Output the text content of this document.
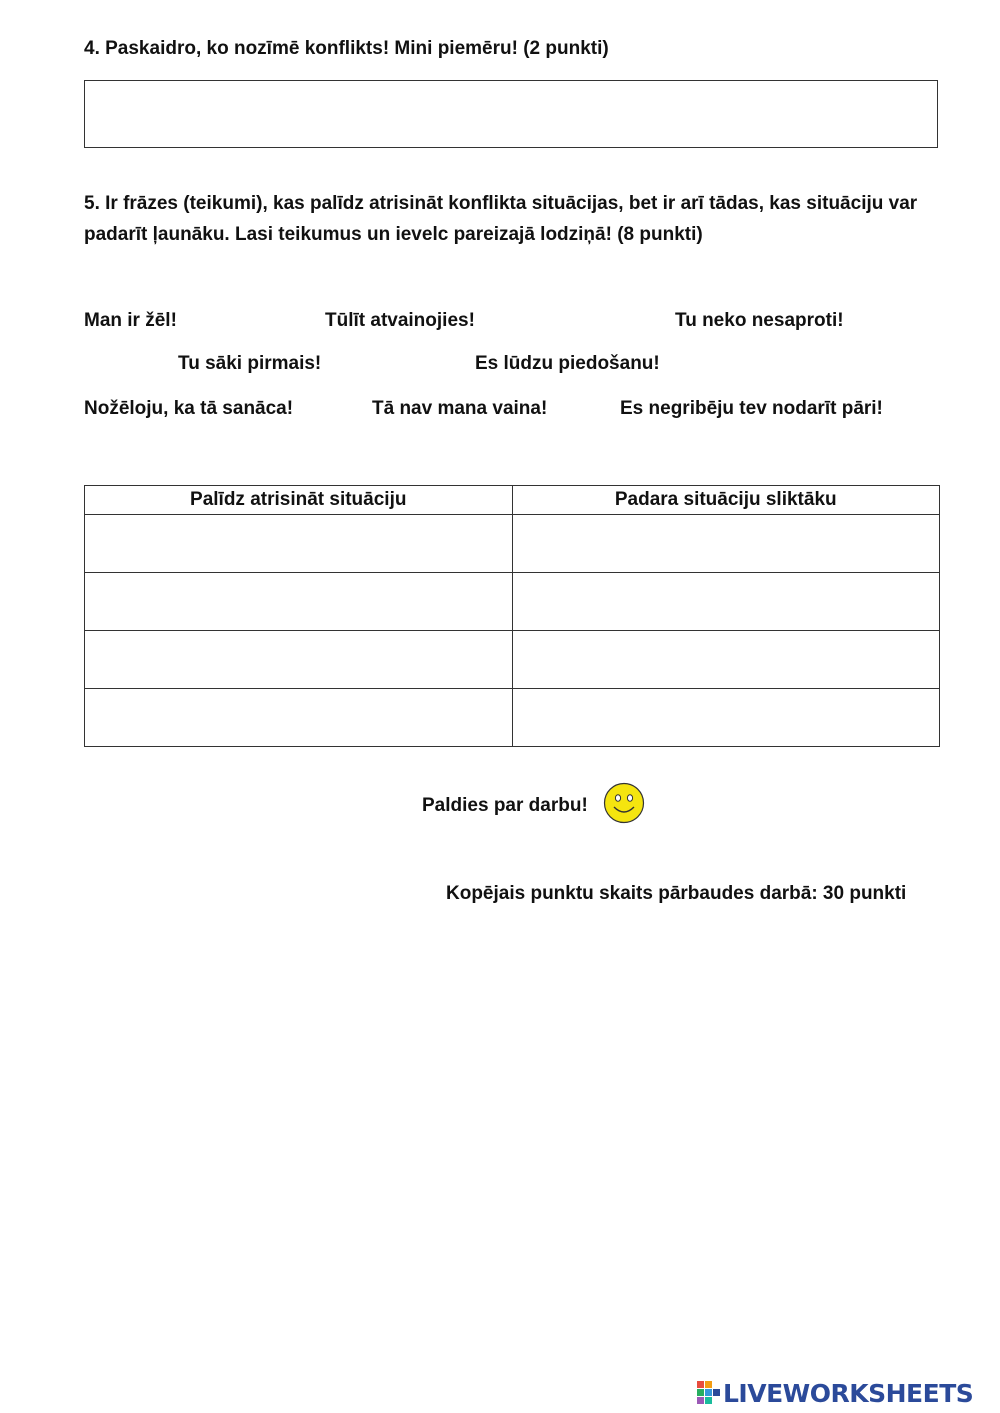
4. Paskaidro, ko nozīmē konflikts! Mini piemēru! (2 punkti)
5. Ir frāzes (teikumi), kas palīdz atrisināt konflikta situācijas, bet ir arī tādas, kas situāciju var padarīt ļaunāku. Lasi teikumus un ievelc pareizajā lodziņā! (8 punkti)
Man ir žēl!	Tūlīt atvainojies!	Tu neko nesaproti!
Tu sāki pirmais!	Es lūdzu piedošanu!
Nožēloju, ka tā sanāca!	Tā nav mana vaina!	Es negribēju tev nodarīt pāri!
Palīdz atrisināt situāciju	Padara situāciju sliktāku

Paldies par darbu!
Kopējais punktu skaits pārbaudes darbā: 30 punkti
LIVEWORKSHEETS
